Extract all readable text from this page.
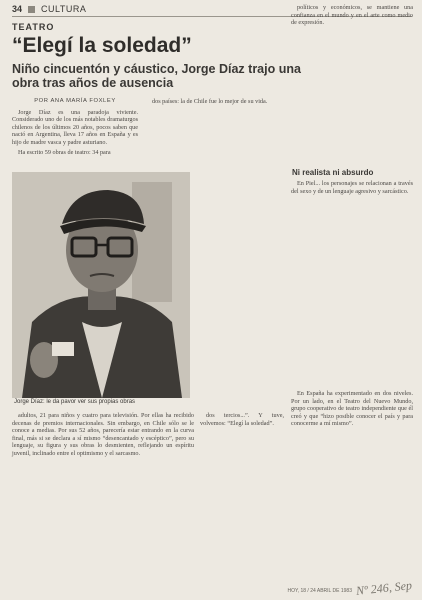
34 CULTURA
TEATRO
“Elegí la soledad”
Niño cincuentón y cáustico, Jorge Díaz trajo una obra tras años de ausencia
POR ANA MARÍA FOXLEY

Jorge Díaz es una paradoja viviente. Considerado uno de los más notables dramaturgos chilenos de los últimos 20 años, pocos saben que nació en Argentina, lleva 17 años en España y es hijo de madre vasca y padre asturiano.

Ha escrito 59 obras de teatro: 34 para

dos países: la de Chile fue lo mejor de su vida.

políticos y económicos, se mantiene una confianza en el mundo y en el arte como medio de expresión.

Ni realista ni absurdo

En Piel... los personajes se relacionan a través del sexo y de un lenguaje agresivo y sarcástico.

Jorge Díaz: le da pavor ver sus propias obras

adultos, 21 para niños y cuatro para televisión. Por ellas ha recibido decenas de premios internacionales. Sin embargo, en Chile sólo se le conoce a medias. Por sus 52 años, parecería estar entrando en la curva final, más si se declara a sí mismo “desencantado y escéptico”, pero su lenguaje, su figura y sus obras lo desmienten, reflejando un espíritu juvenil, inclinado entre el optimismo y el sarcasmo.

dos tercios...”. Y tuve, volvemos: “Elegí la soledad”.

En España ha experimentado en dos niveles. Por un lado, en el Teatro del Nuevo Mundo, grupo cooperativo de teatro independiente que él creó y que “hizo posible conocer el país y para conocerme a mí mismo”.

HOY, 18 / 24 ABRIL DE 1983 Nº 246, Sep
